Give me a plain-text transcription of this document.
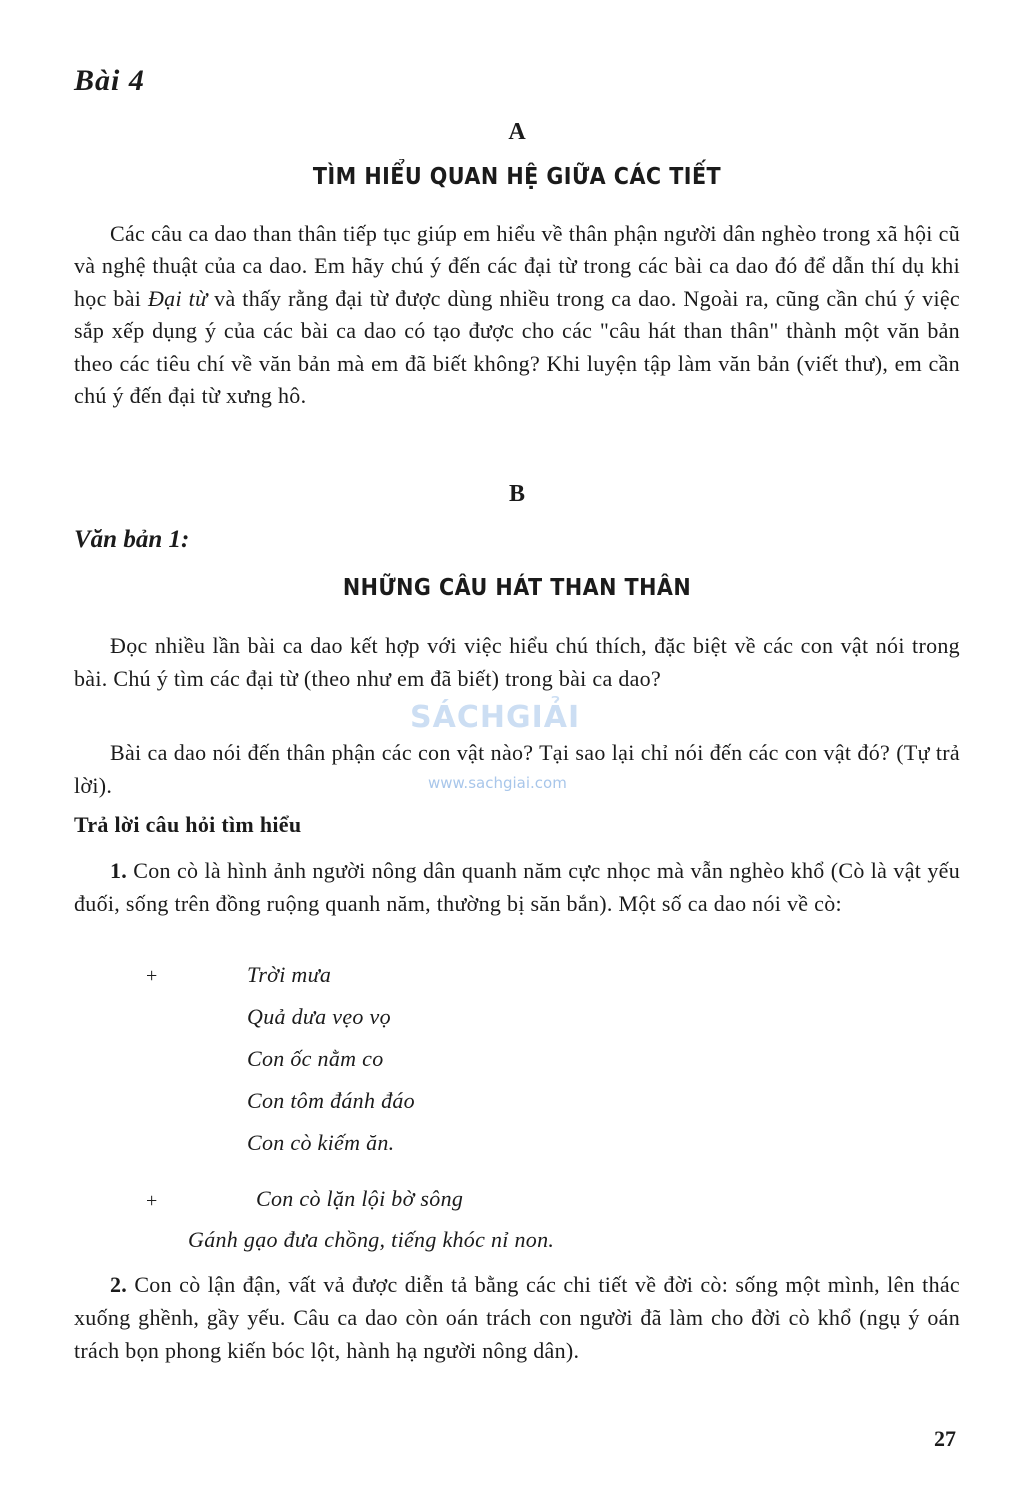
Bài 4
A
TÌM HIỂU QUAN HỆ GIỮA CÁC TIẾT

Các câu ca dao than thân tiếp tục giúp em hiểu về thân phận người dân nghèo trong xã hội cũ và nghệ thuật của ca dao. Em hãy chú ý đến các đại từ trong các bài ca dao đó để dẫn thí dụ khi học bài Đại từ và thấy rằng đại từ được dùng nhiều trong ca dao. Ngoài ra, cũng cần chú ý việc sắp xếp dụng ý của các bài ca dao có tạo được cho các "câu hát than thân" thành một văn bản theo các tiêu chí về văn bản mà em đã biết không? Khi luyện tập làm văn bản (viết thư), em cần chú ý đến đại từ xưng hô.

B
Văn bản 1:
NHỮNG CÂU HÁT THAN THÂN

Đọc nhiều lần bài ca dao kết hợp với việc hiểu chú thích, đặc biệt về các con vật nói trong bài. Chú ý tìm các đại từ (theo như em đã biết) trong bài ca dao?

Bài ca dao nói đến thân phận các con vật nào? Tại sao lại chỉ nói đến các con vật đó? (Tự trả lời).

Trả lời câu hỏi tìm hiểu

1. Con cò là hình ảnh người nông dân quanh năm cực nhọc mà vẫn nghèo khổ (Cò là vật yếu đuối, sống trên đồng ruộng quanh năm, thường bị săn bắn). Một số ca dao nói về cò:

+	Trời mưa
Quả dưa vẹo vọ
Con ốc nằm co
Con tôm đánh đáo
Con cò kiếm ăn.
+	Con cò lặn lội bờ sông
Gánh gạo đưa chồng, tiếng khóc nỉ non.

2. Con cò lận đận, vất vả được diễn tả bằng các chi tiết về đời cò: sống một mình, lên thác xuống ghềnh, gầy yếu. Câu ca dao còn oán trách con người đã làm cho đời cò khổ (ngụ ý oán trách bọn phong kiến bóc lột, hành hạ người nông dân).

SÁCHGIẢI
www.sachgiai.com
27
